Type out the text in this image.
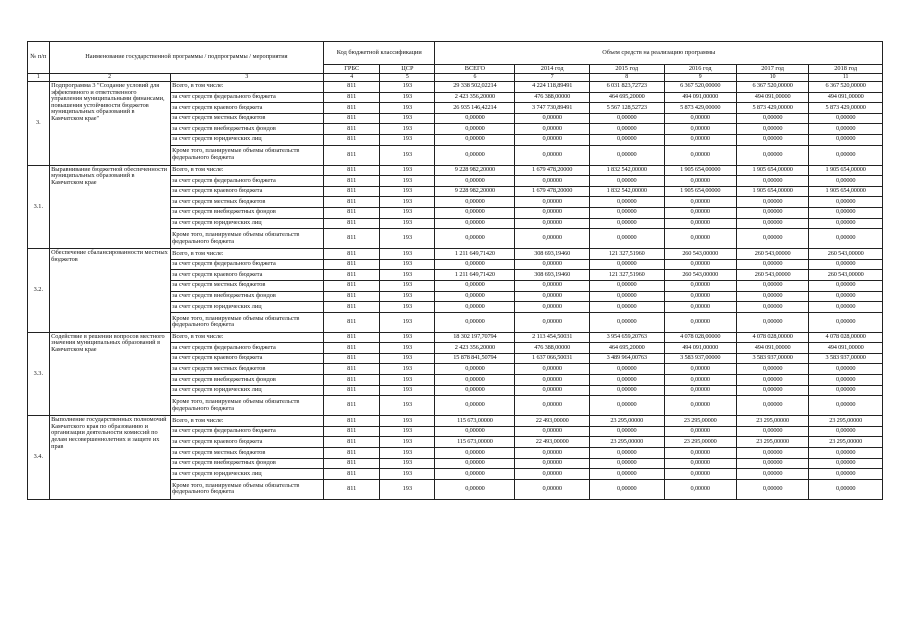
№ п/п	Наименование государственной программы / подпрограммы / мероприятия		Код бюджетной классификации		Объем средств на реализацию программы					
			ГРБС	ЦСР	ВСЕГО	2014 год	2015 год	2016 год	2017 год	2018 год
1	2	3	4	5	6	7	8	9	10	11
3.	Подпрограмма 3 "Создание условий для эффективного и ответственного управления муниципальными финансами, повышения устойчивости бюджетов муниципальных образований в Камчатском крае"	Всего, в том числе:	811	193	29 338 502,02214	4 224 118,89491	6 031 823,72723	6 367 520,00000	6 367 520,00000	6 367 520,00000
		за счет средств федерального бюджета	811	193	2 423 356,20000	476 388,00000	464 695,20000	494 091,00000	494 091,00000	494 091,00000
		за счет средств краевого бюджета	811	193	26 935 146,42214	3 747 730,89491	5 567 128,52723	5 873 429,00000	5 873 429,00000	5 873 429,00000
		за счет средств местных бюджетов	811	193	0,00000	0,00000	0,00000	0,00000	0,00000	0,00000
		за счет средств внебюджетных фондов	811	193	0,00000	0,00000	0,00000	0,00000	0,00000	0,00000
		за счет средств юридических лиц	811	193	0,00000	0,00000	0,00000	0,00000	0,00000	0,00000
		Кроме того, планируемые объемы обязательств федерального бюджета	811	193	0,00000	0,00000	0,00000	0,00000	0,00000	0,00000
3.1.	Выравнивание бюджетной обеспеченности муниципальных образований в Камчатском крае	Всего, в том числе:	811	193	9 228 982,20000	1 679 478,20000	1 832 542,00000	1 905 654,00000	1 905 654,00000	1 905 654,00000
		за счет средств федерального бюджета	811	193	0,00000	0,00000	0,00000	0,00000	0,00000	0,00000
		за счет средств краевого бюджета	811	193	9 228 982,20000	1 679 478,20000	1 832 542,00000	1 905 654,00000	1 905 654,00000	1 905 654,00000
		за счет средств местных бюджетов	811	193	0,00000	0,00000	0,00000	0,00000	0,00000	0,00000
		за счет средств внебюджетных фондов	811	193	0,00000	0,00000	0,00000	0,00000	0,00000	0,00000
		за счет средств юридических лиц	811	193	0,00000	0,00000	0,00000	0,00000	0,00000	0,00000
		Кроме того, планируемые объемы обязательств федерального бюджета	811	193	0,00000	0,00000	0,00000	0,00000	0,00000	0,00000
3.2.	Обеспечение сбалансированности местных бюджетов	Всего, в том числе:	811	193	1 211 649,71420	308 693,19460	121 327,51960	260 543,00000	260 543,00000	260 543,00000
		за счет средств федерального бюджета	811	193	0,00000	0,00000	0,00000	0,00000	0,00000	0,00000
		за счет средств краевого бюджета	811	193	1 211 649,71420	308 693,19460	121 327,51960	260 543,00000	260 543,00000	260 543,00000
		за счет средств местных бюджетов	811	193	0,00000	0,00000	0,00000	0,00000	0,00000	0,00000
		за счет средств внебюджетных фондов	811	193	0,00000	0,00000	0,00000	0,00000	0,00000	0,00000
		за счет средств юридических лиц	811	193	0,00000	0,00000	0,00000	0,00000	0,00000	0,00000
		Кроме того, планируемые объемы обязательств федерального бюджета	811	193	0,00000	0,00000	0,00000	0,00000	0,00000	0,00000
3.3.	Содействие в решении вопросов местного значения муниципальных образований в Камчатском крае	Всего, в том числе:	811	193	18 302 197,70794	2 113 454,50031	3 954 659,20763	4 078 028,00000	4 078 028,00000	4 078 028,00000
		за счет средств федерального бюджета	811	193	2 423 356,20000	476 388,00000	464 695,20000	494 091,00000	494 091,00000	494 091,00000
		за счет средств краевого бюджета	811	193	15 878 841,50794	1 637 066,50031	3 489 964,00763	3 583 937,00000	3 583 937,00000	3 583 937,00000
		за счет средств местных бюджетов	811	193	0,00000	0,00000	0,00000	0,00000	0,00000	0,00000
		за счет средств внебюджетных фондов	811	193	0,00000	0,00000	0,00000	0,00000	0,00000	0,00000
		за счет средств юридических лиц	811	193	0,00000	0,00000	0,00000	0,00000	0,00000	0,00000
		Кроме того, планируемые объемы обязательств федерального бюджета	811	193	0,00000	0,00000	0,00000	0,00000	0,00000	0,00000
3.4.	Выполнение государственных полномочий Камчатского края по образованию и организации деятельности комиссий по делам несовершеннолетних и защите их прав	Всего, в том числе:	811	193	115 673,00000	22 493,00000	23 295,00000	23 295,00000	23 295,00000	23 295,00000
		за счет средств федерального бюджета	811	193	0,00000	0,00000	0,00000	0,00000	0,00000	0,00000
		за счет средств краевого бюджета	811	193	115 673,00000	22 493,00000	23 295,00000	23 295,00000	23 295,00000	23 295,00000
		за счет средств местных бюджетов	811	193	0,00000	0,00000	0,00000	0,00000	0,00000	0,00000
		за счет средств внебюджетных фондов	811	193	0,00000	0,00000	0,00000	0,00000	0,00000	0,00000
		за счет средств юридических лиц	811	193	0,00000	0,00000	0,00000	0,00000	0,00000	0,00000
		Кроме того, планируемые объемы обязательств федерального бюджета	811	193	0,00000	0,00000	0,00000	0,00000	0,00000	0,00000
